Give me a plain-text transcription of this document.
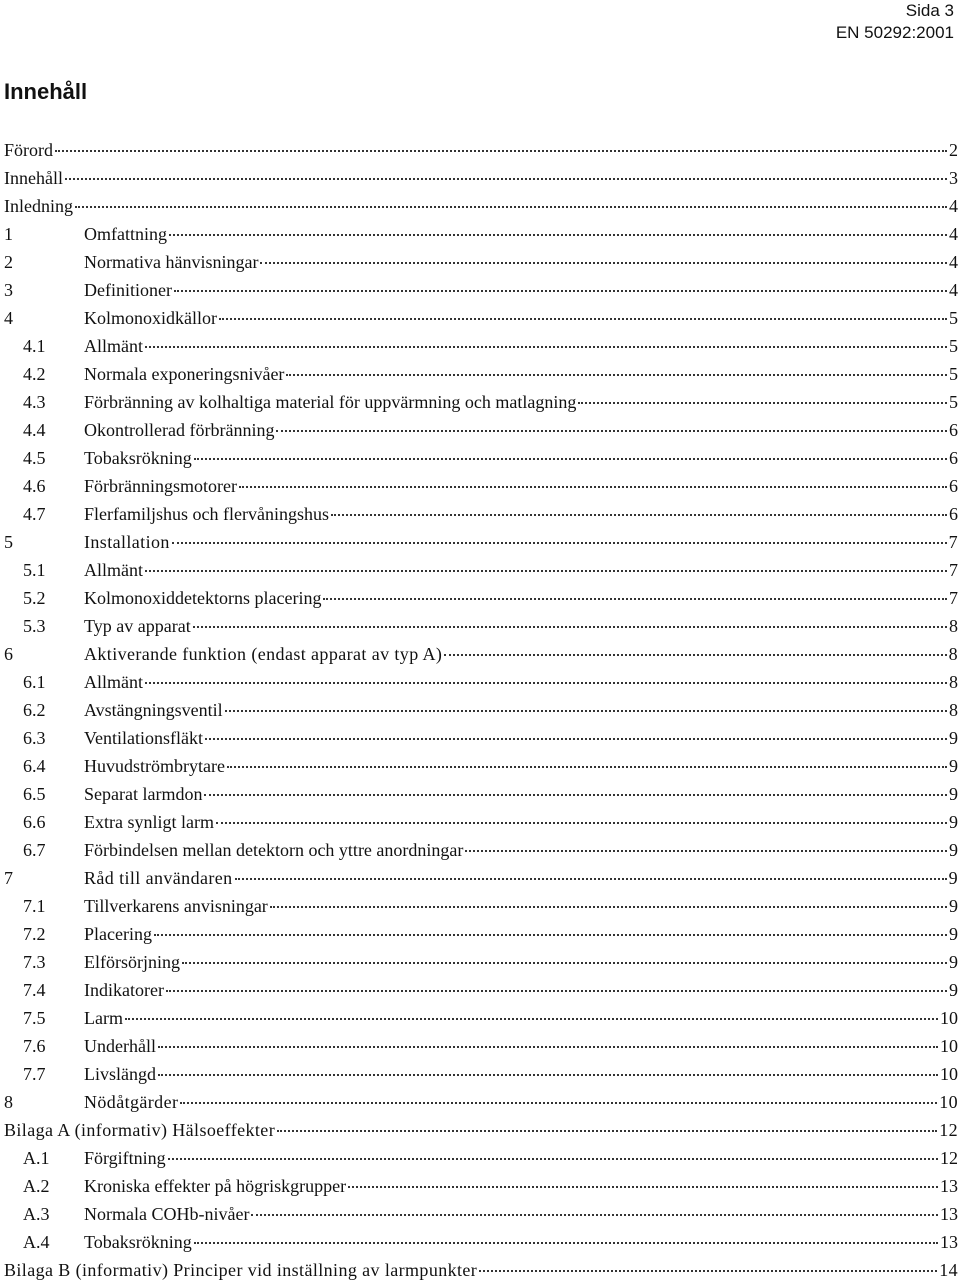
Sida 3
EN 50292:2001
Innehåll
Förord	2
Innehåll	3
Inledning	4
1	Omfattning	4
2	Normativa hänvisningar	4
3	Definitioner	4
4	Kolmonoxidkällor	5
4.1 Allmänt	5
4.2 Normala exponeringsnivåer	5
4.3 Förbränning av kolhaltiga material för uppvärmning och matlagning	5
4.4 Okontrollerad förbränning	6
4.5 Tobaksrökning	6
4.6 Förbränningsmotorer	6
4.7 Flerfamiljshus och flervåningshus	6
5	Installation	7
5.1 Allmänt	7
5.2 Kolmonoxiddetektorns placering	7
5.3 Typ av apparat	8
6	Aktiverande funktion (endast apparat av typ A)	8
6.1 Allmänt	8
6.2 Avstängningsventil	8
6.3 Ventilationsfläkt	9
6.4 Huvudströmbrytare	9
6.5 Separat larmdon	9
6.6 Extra synligt larm	9
6.7 Förbindelsen mellan detektorn och yttre anordningar	9
7	Råd till användaren	9
7.1 Tillverkarens anvisningar	9
7.2 Placering	9
7.3 Elförsörjning	9
7.4 Indikatorer	9
7.5 Larm	10
7.6 Underhåll	10
7.7 Livslängd	10
8	Nödåtgärder	10
Bilaga A (informativ) Hälsoeffekter	12
A.1 Förgiftning	12
A.2 Kroniska effekter på högriskgrupper	13
A.3 Normala COHb-nivåer	13
A.4 Tobaksrökning	13
Bilaga B (informativ) Principer vid inställning av larmpunkter	14
